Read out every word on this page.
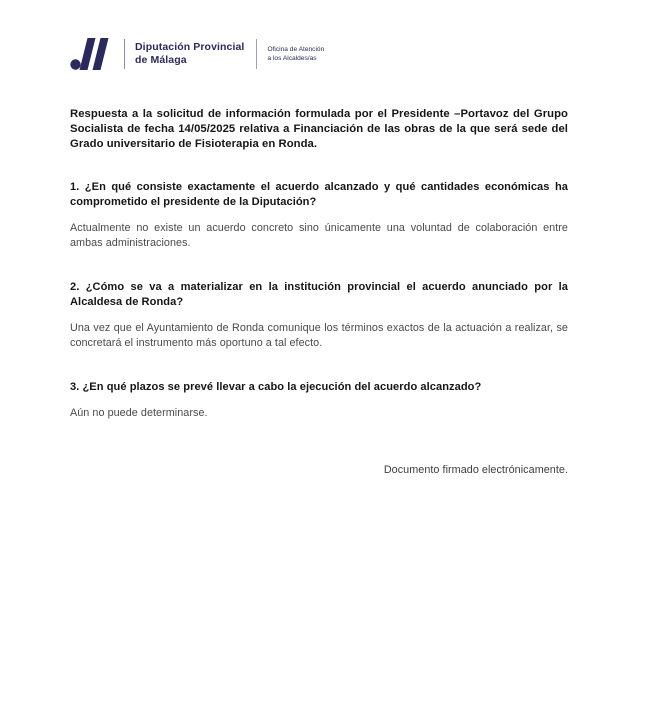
Diputación Provincial
de Málaga
Oficina de Atención
a los Alcaldes/as

Respuesta a la solicitud de información formulada por el Presidente –Portavoz del Grupo Socialista de fecha 14/05/2025 relativa a Financiación de las obras de la que será sede del Grado universitario de Fisioterapia en Ronda.

1. ¿En qué consiste exactamente el acuerdo alcanzado y qué cantidades económicas ha comprometido el presidente de la Diputación?

Actualmente no existe un acuerdo concreto sino únicamente una voluntad de colaboración entre ambas administraciones.

2. ¿Cómo se va a materializar en la institución provincial el acuerdo anunciado por la Alcaldesa de Ronda?

Una vez que el Ayuntamiento de Ronda comunique los términos exactos de la actuación a realizar, se concretará el instrumento más oportuno a tal efecto.

3. ¿En qué plazos se prevé llevar a cabo la ejecución del acuerdo alcanzado?

Aún no puede determinarse.

Documento firmado electrónicamente.
